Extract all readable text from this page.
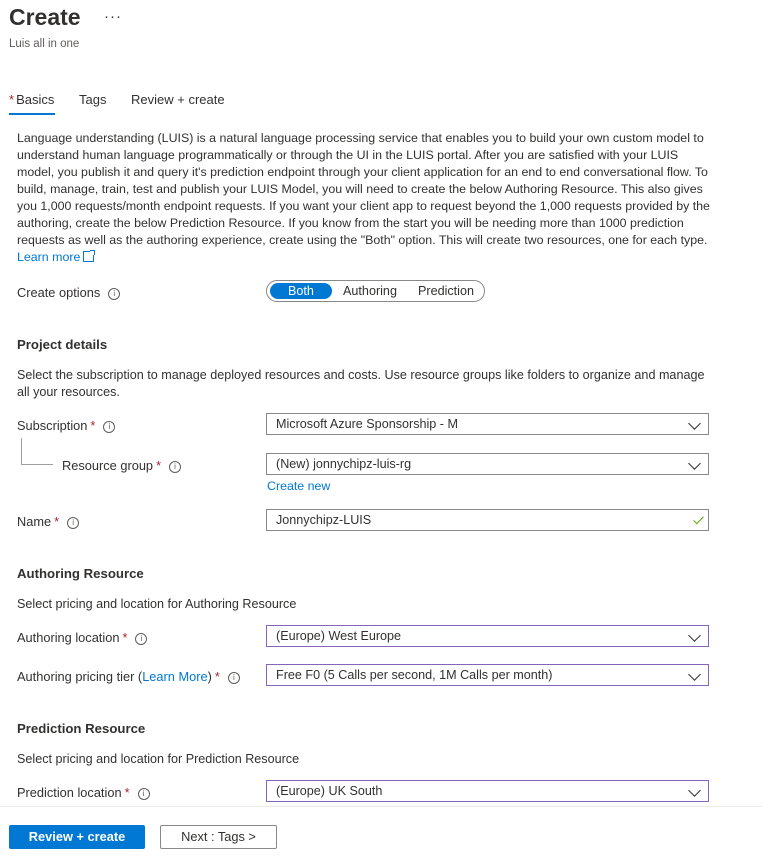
Create ···
Luis all in one
* Basics Tags Review + create
Language understanding (LUIS) is a natural language processing service that enables you to build your own custom model to understand human language programmatically or through the UI in the LUIS portal. After you are satisfied with your LUIS model, you publish it and query it's prediction endpoint through your client application for an end to end conversational flow. To build, manage, train, test and publish your LUIS Model, you will need to create the below Authoring Resource. This also gives you 1,000 requests/month endpoint requests. If you want your client app to request beyond the 1,000 requests provided by the authoring, create the below Prediction Resource. If you know from the start you will be needing more than 1000 prediction requests as well as the authoring experience, create using the "Both" option. This will create two resources, one for each type. Learn more
Create options i	Both	Authoring	Prediction
Project details
Select the subscription to manage deployed resources and costs. Use resource groups like folders to organize and manage all your resources.
Subscription * i	Microsoft Azure Sponsorship - M
Resource group * i	(New) jonnychipz-luis-rg
Create new
Name * i	Jonnychipz-LUIS
Authoring Resource
Select pricing and location for Authoring Resource
Authoring location * i	(Europe) West Europe
Authoring pricing tier (Learn More) * i	Free F0 (5 Calls per second, 1M Calls per month)
Prediction Resource
Select pricing and location for Prediction Resource
Prediction location * i	(Europe) UK South
Review + create	Next : Tags >
